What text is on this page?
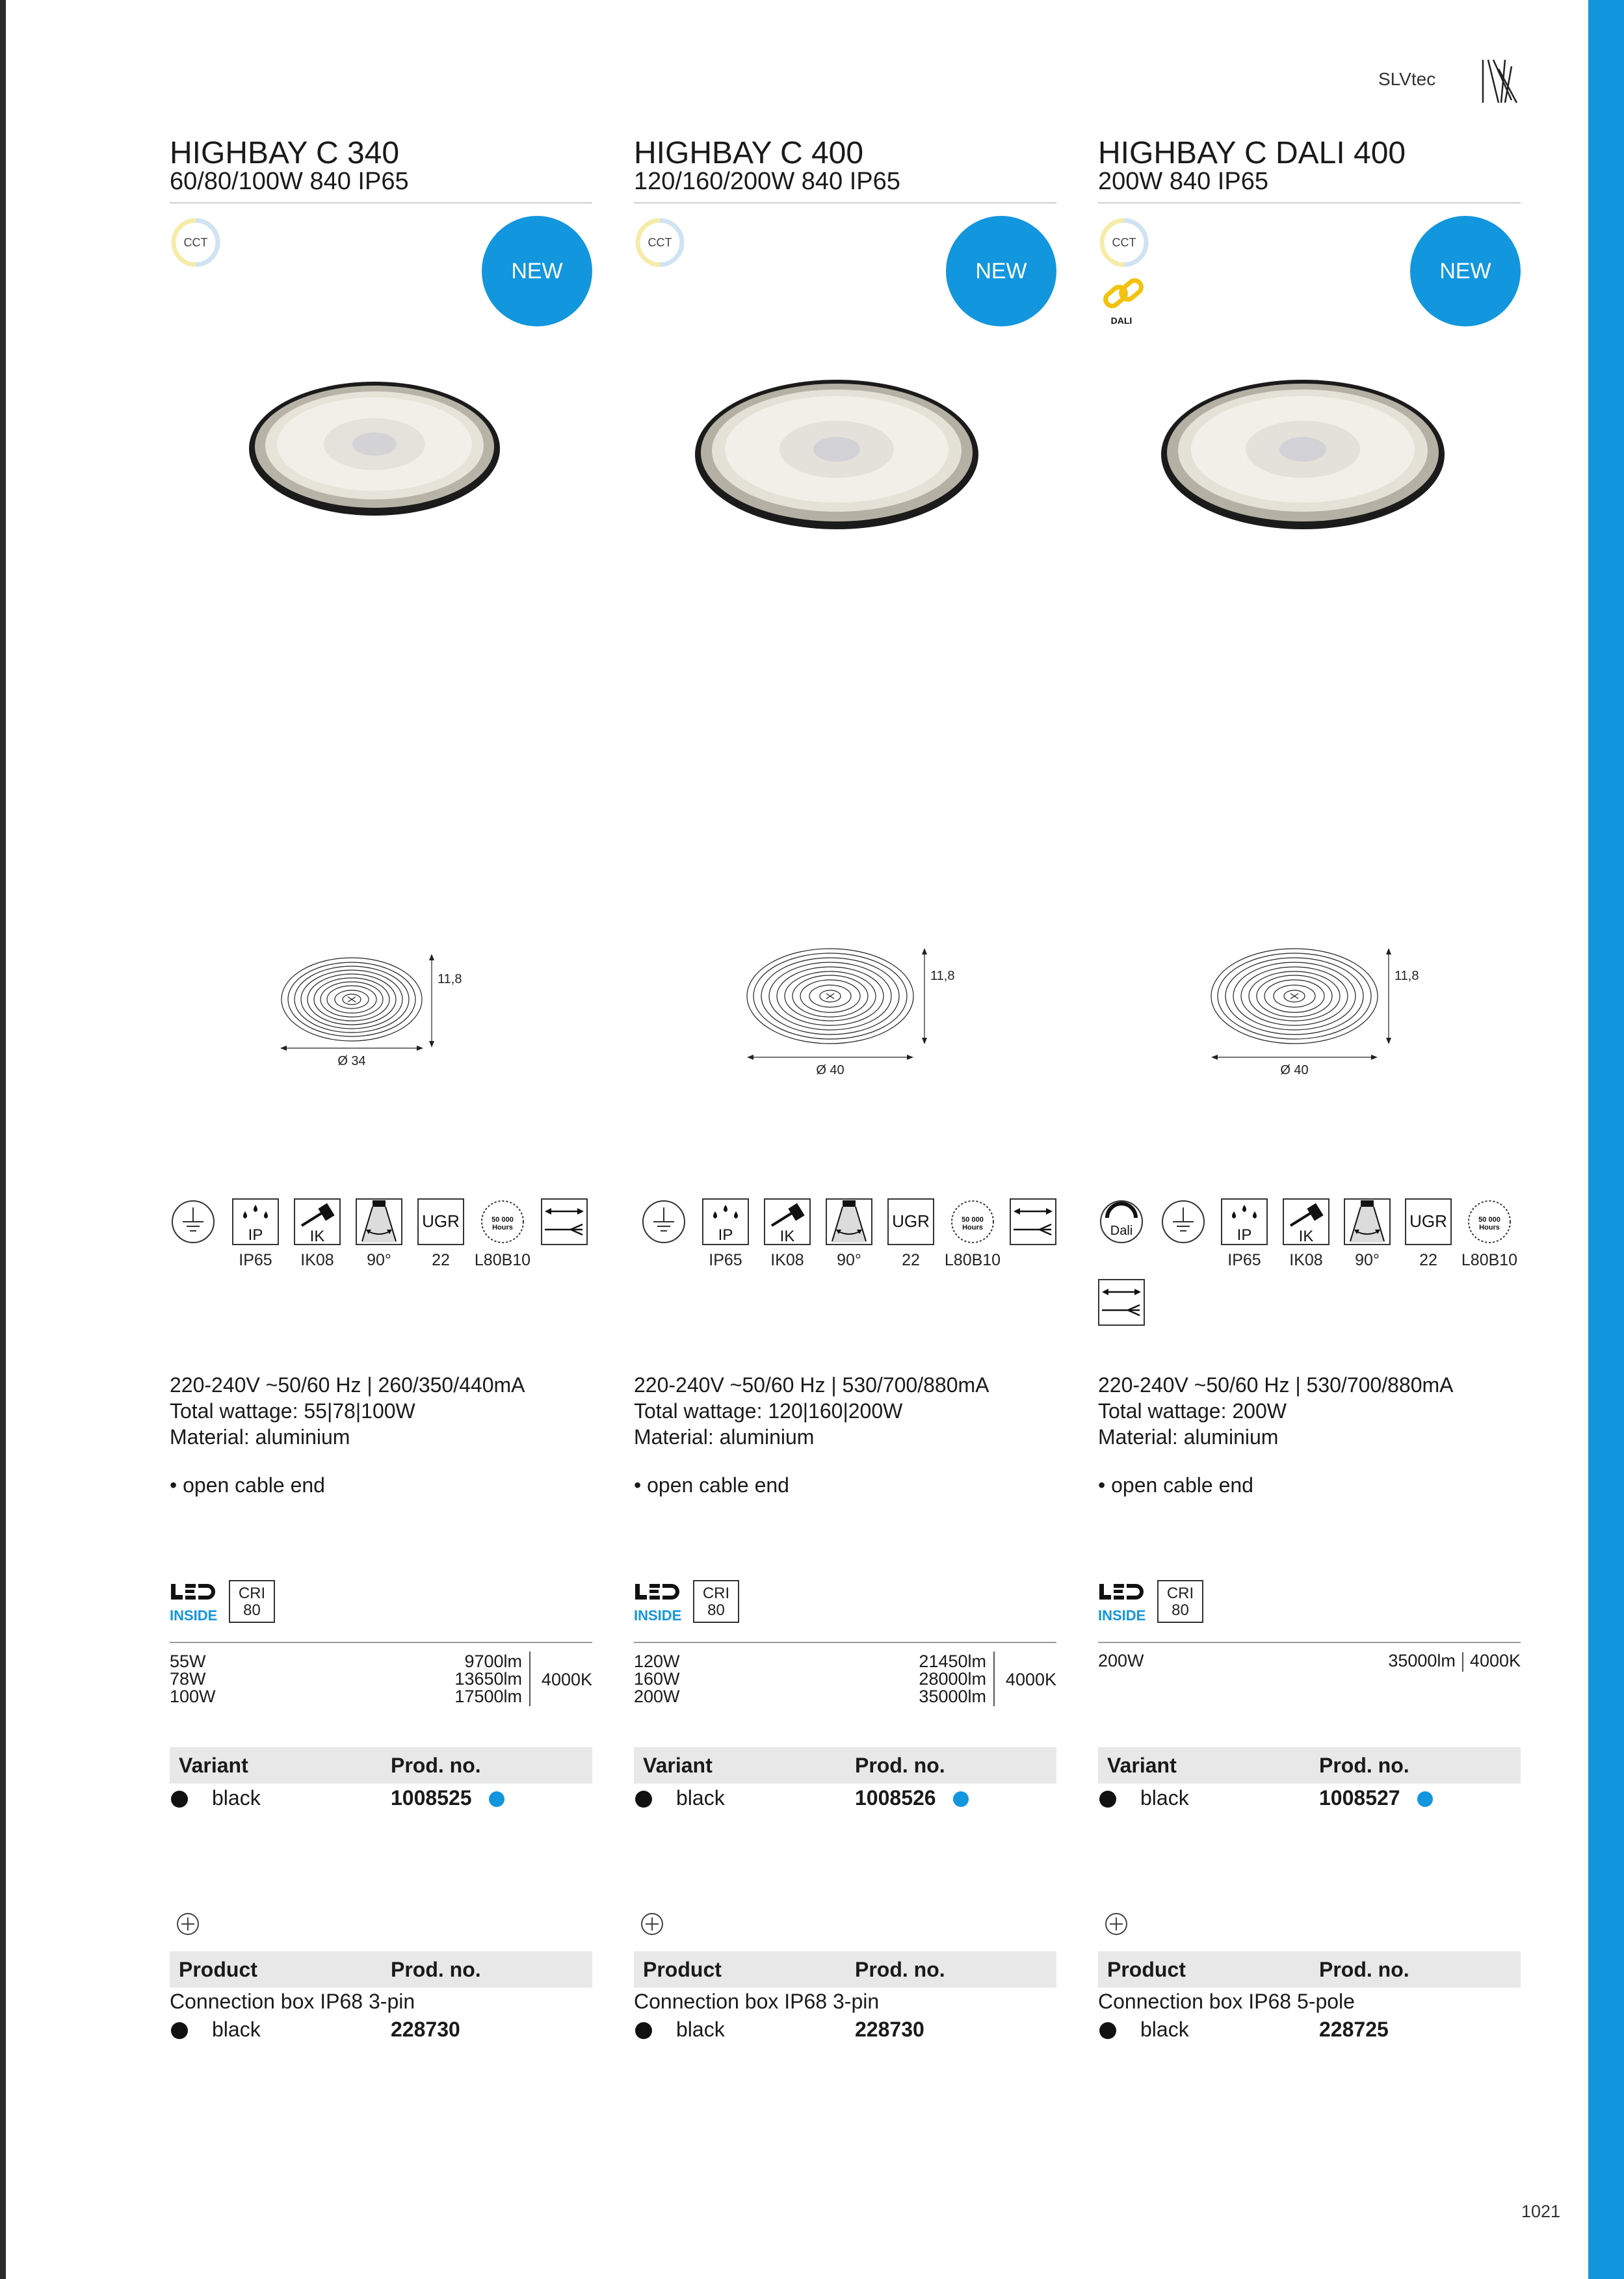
SLVtec
HIGHBAY C 340
60/80/100W 840 IP65
CCT
NEW
11,8
Ø 34
IP
IP65
IK
IK08	90°
UGR
22
50 000
Hours
L80B10
220-240V ~50/60 Hz | 260/350/440mA
Total wattage: 55|78|100W
Material: aluminium
• open cable end
INSIDE
CRI
80
55W	9700lm
78W	13650lm
100W	17500lm
4000K
Variant	Prod. no.
black	1008525
Product	Prod. no.
Connection box IP68 3-pin
black	228730
HIGHBAY C 400
120/160/200W 840 IP65
CCT
NEW
11,8
Ø 40
IP
IP65
IK
IK08	90°
UGR
22
50 000
Hours
L80B10
220-240V ~50/60 Hz | 530/700/880mA
Total wattage: 120|160|200W
Material: aluminium
• open cable end
INSIDE
CRI
80
120W	21450lm
160W	28000lm
200W	35000lm
4000K
Variant	Prod. no.
black	1008526
Product	Prod. no.
Connection box IP68 3-pin
black	228730
HIGHBAY C DALI 400
200W 840 IP65
CCT
DALI
NEW
11,8
Ø 40
Dali	IP
IP65
IK
IK08	90°
UGR
22
50 000
Hours
L80B10
220-240V ~50/60 Hz | 530/700/880mA
Total wattage: 200W
Material: aluminium
• open cable end
INSIDE
CRI
80
200W	35000lm 4000K
Variant	Prod. no.
black	1008527
Product	Prod. no.
Connection box IP68 5-pole
black	228725
1021
